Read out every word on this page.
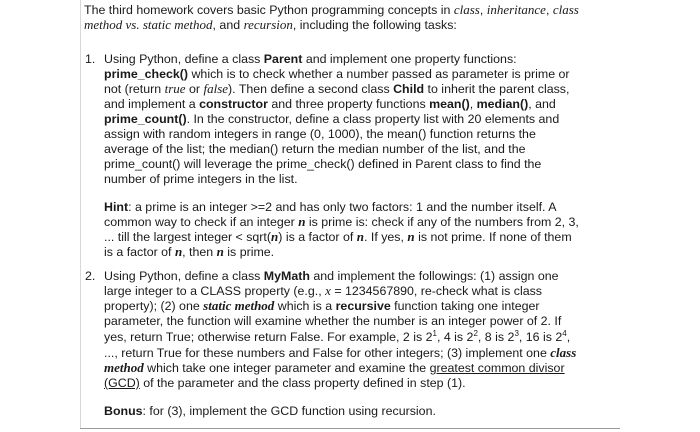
The third homework covers basic Python programming concepts in class, inheritance, class
method vs. static method, and recursion, including the following tasks:
1. Using Python, define a class Parent and implement one property functions:
prime_check() which is to check whether a number passed as parameter is prime or
not (return true or false). Then define a second class Child to inherit the parent class,
and implement a constructor and three property functions mean(), median(), and
prime_count(). In the constructor, define a class property list with 20 elements and
assign with random integers in range (0, 1000), the mean() function returns the
average of the list; the median() return the median number of the list, and the
prime_count() will leverage the prime_check() defined in Parent class to find the
number of prime integers in the list.
Hint: a prime is an integer >=2 and has only two factors: 1 and the number itself. A
common way to check if an integer n is prime is: check if any of the numbers from 2, 3,
... till the largest integer < sqrt(n) is a factor of n. If yes, n is not prime. If none of them
is a factor of n, then n is prime.
2. Using Python, define a class MyMath and implement the followings: (1) assign one
large integer to a CLASS property (e.g., x = 1234567890, re-check what is class
property); (2) one static method which is a recursive function taking one integer
parameter, the function will examine whether the number is an integer power of 2. If
yes, return True; otherwise return False. For example, 2 is $2^1$, 4 is $2^2$, 8 is $2^3$, 16 is $2^4$,
..., return True for these numbers and False for other integers; (3) implement one class
method which take one integer parameter and examine the greatest common divisor
(GCD) of the parameter and the class property defined in step (1).
Bonus: for (3), implement the GCD function using recursion.
